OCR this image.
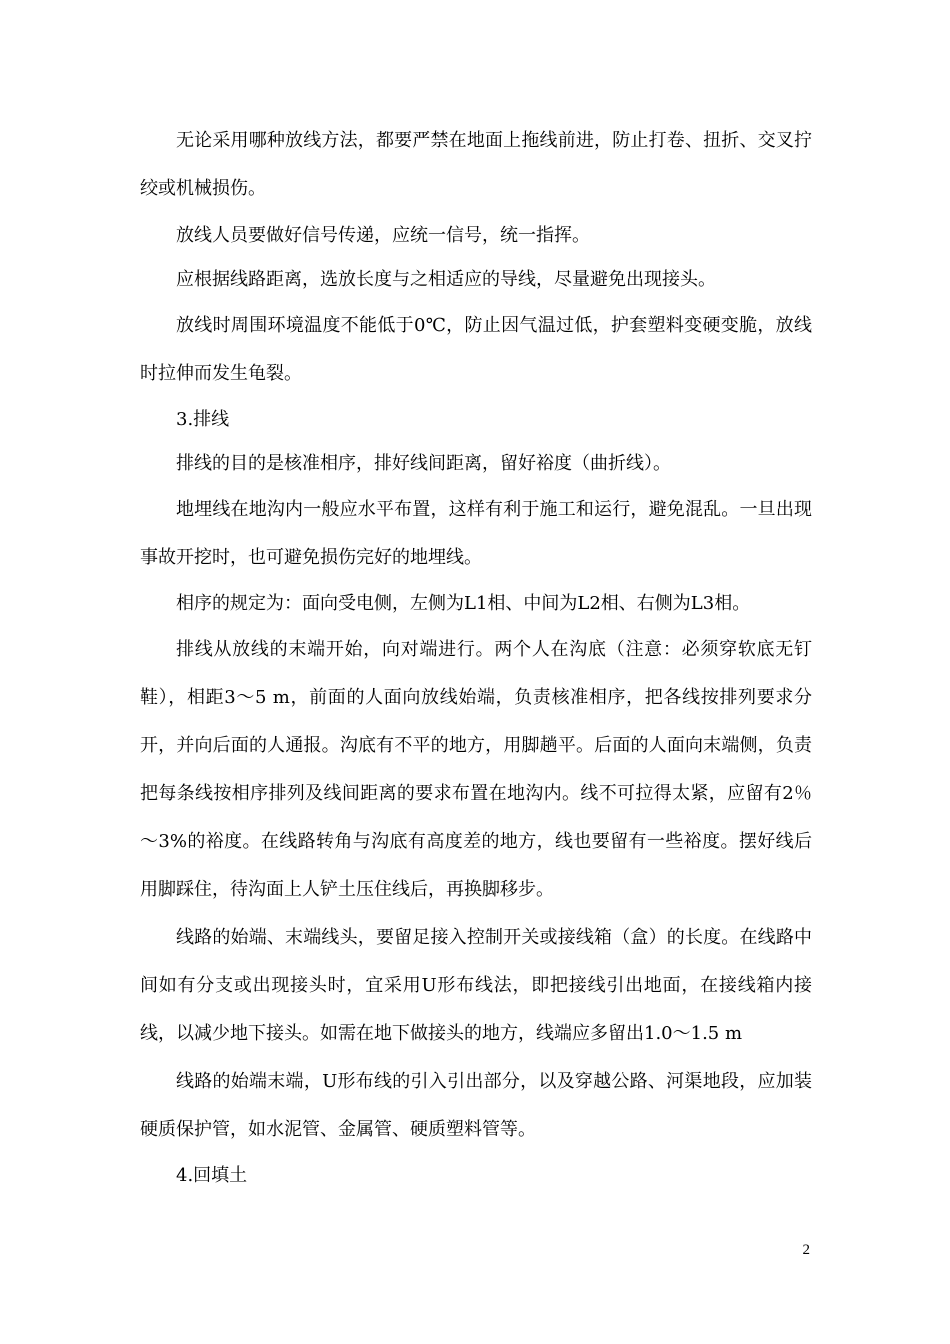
无论采用哪种放线方法，都要严禁在地面上拖线前进，防止打卷、扭折、交叉拧绞或机械损伤。

放线人员要做好信号传递，应统一信号，统一指挥。

应根据线路距离，选放长度与之相适应的导线，尽量避免出现接头。

放线时周围环境温度不能低于0℃，防止因气温过低，护套塑料变硬变脆，放线时拉伸而发生龟裂。

3.排线

排线的目的是核准相序，排好线间距离，留好裕度（曲折线）。

地埋线在地沟内一般应水平布置，这样有利于施工和运行，避免混乱。一旦出现事故开挖时，也可避免损伤完好的地埋线。

相序的规定为：面向受电侧，左侧为L1相、中间为L2相、右侧为L3相。

排线从放线的末端开始，向对端进行。两个人在沟底（注意：必须穿软底无钉鞋），相距3～5 m，前面的人面向放线始端，负责核准相序，把各线按排列要求分开，并向后面的人通报。沟底有不平的地方，用脚趟平。后面的人面向末端侧，负责把每条线按相序排列及线间距离的要求布置在地沟内。线不可拉得太紧，应留有2％～3%的裕度。在线路转角与沟底有高度差的地方，线也要留有一些裕度。摆好线后用脚踩住，待沟面上人铲土压住线后，再换脚移步。

线路的始端、末端线头，要留足接入控制开关或接线箱（盒）的长度。在线路中间如有分支或出现接头时，宜采用U形布线法，即把接线引出地面，在接线箱内接线，以减少地下接头。如需在地下做接头的地方，线端应多留出1.0～1.5 m

线路的始端末端，U形布线的引入引出部分，以及穿越公路、河渠地段，应加装硬质保护管，如水泥管、金属管、硬质塑料管等。

4.回填土

2
